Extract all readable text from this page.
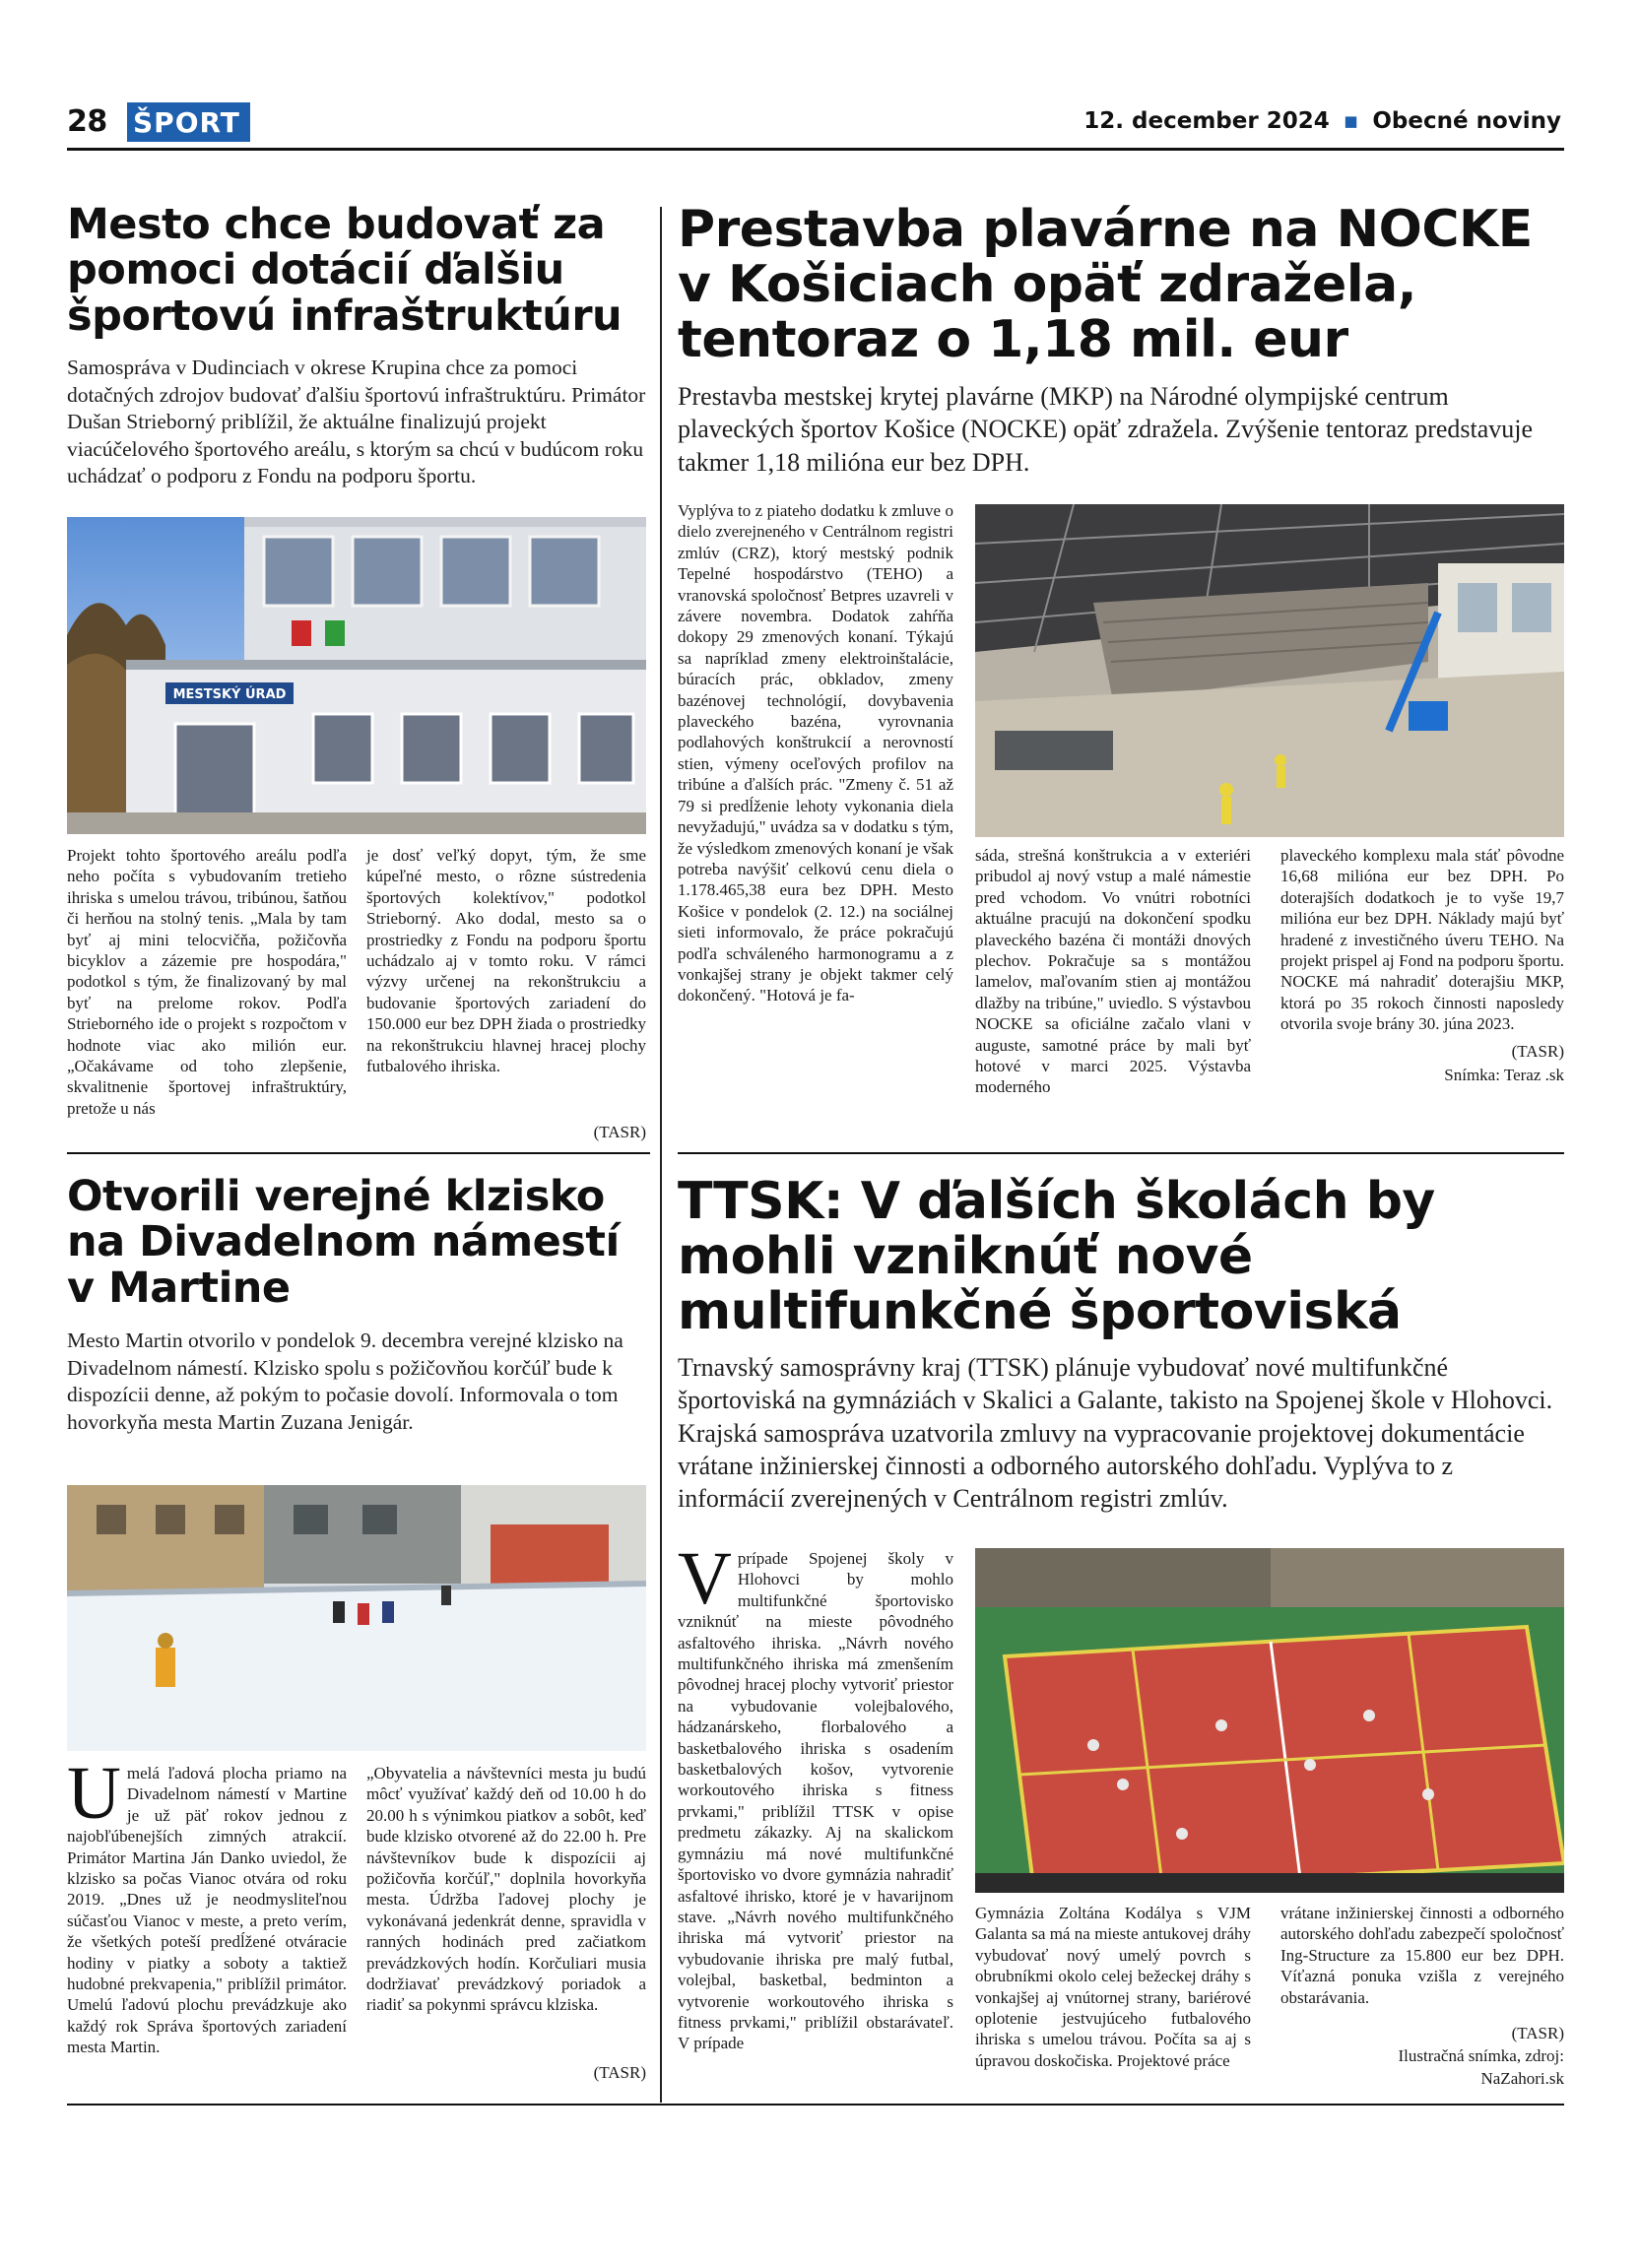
28 ŠPORT	12. december 2024 ▪ Obecné noviny
Mesto chce budovať za pomoci dotácií ďalšiu športovú infraštruktúru
Samospráva v Dudinciach v okrese Krupina chce za pomoci dotačných zdrojov budovať ďalšiu športovú infraštruktúru. Primátor Dušan Strieborný priblížil, že aktuálne finalizujú projekt viacúčelového športového areálu, s ktorým sa chcú v budúcom roku uchádzať o podporu z Fondu na podporu športu.
MESTSKÝ ÚRAD
Projekt tohto športového areálu podľa neho počíta s vybudovaním tretieho ihriska s umelou trávou, tribúnou, šatňou či herňou na stolný tenis. „Mala by tam byť aj mini telocvičňa, požičovňa bicyklov a zázemie pre hospodára," podotkol s tým, že finalizovaný by mal byť na prelome rokov. Podľa Strieborného ide o projekt s rozpočtom v hodnote viac ako milión eur. „Očakávame od toho zlepšenie, skvalitnenie športovej infraštruktúry, pretože u nás
je dosť veľký dopyt, tým, že sme kúpeľné mesto, o rôzne sústredenia športových kolektívov," podotkol Strieborný. Ako dodal, mesto sa o prostriedky z Fondu na podporu športu uchádzalo aj v tomto roku. V rámci výzvy určenej na rekonštrukciu a budovanie športových zariadení do 150.000 eur bez DPH žiada o prostriedky na rekonštrukciu hlavnej hracej plochy futbalového ihriska.
(TASR)
Prestavba plavárne na NOCKE v Košiciach opäť zdražela, tentoraz o 1,18 mil. eur
Prestavba mestskej krytej plavárne (MKP) na Národné olympijské centrum plaveckých športov Košice (NOCKE) opäť zdražela. Zvýšenie tentoraz predstavuje takmer 1,18 milióna eur bez DPH.
Vyplýva to z piateho dodatku k zmluve o dielo zverejneného v Centrálnom registri zmlúv (CRZ), ktorý mestský podnik Tepelné hospodárstvo (TEHO) a vranovská spoločnosť Betpres uzavreli v závere novembra. Dodatok zahŕňa dokopy 29 zmenových konaní. Týkajú sa napríklad zmeny elektroinštalácie, búracích prác, obkladov, zmeny bazénovej technológií, dovybavenia plaveckého bazéna, vyrovnania podlahových konštrukcií a nerovností stien, výmeny oceľových profilov na tribúne a ďalších prác. "Zmeny č. 51 až 79 si predĺženie lehoty vykonania diela nevyžadujú," uvádza sa v dodatku s tým, že výsledkom zmenových konaní je však potreba navýšiť celkovú cenu diela o 1.178.465,38 eura bez DPH. Mesto Košice v pondelok (2. 12.) na sociálnej sieti informovalo, že práce pokračujú podľa schváleného harmonogramu a z vonkajšej strany je objekt takmer celý dokončený. "Hotová je fa-
sáda, strešná konštrukcia a v exteriéri pribudol aj nový vstup a malé námestie pred vchodom. Vo vnútri robotníci aktuálne pracujú na dokončení spodku plaveckého bazéna či montáži dnových plechov. Pokračuje sa s montážou lamelov, maľovaním stien aj montážou dlažby na tribúne," uviedlo. S výstavbou NOCKE sa oficiálne začalo vlani v auguste, samotné práce by mali byť hotové v marci 2025. Výstavba moderného
plaveckého komplexu mala stáť pôvodne 16,68 milióna eur bez DPH. Po doterajších dodatkoch je to vyše 19,7 milióna eur bez DPH. Náklady majú byť hradené z investičného úveru TEHO. Na projekt prispel aj Fond na podporu športu. NOCKE má nahradiť doterajšiu MKP, ktorá po 35 rokoch činnosti naposledy otvorila svoje brány 30. júna 2023.
(TASR)
Snímka: Teraz .sk
Otvorili verejné klzisko na Divadelnom námestí v Martine
Mesto Martin otvorilo v pondelok 9. decembra verejné klzisko na Divadelnom námestí. Klzisko spolu s požičovňou korčúľ bude k dispozícii denne, až pokým to počasie dovolí. Informovala o tom hovorkyňa mesta Martin Zuzana Jenigár.
U melá ľadová plocha priamo na Divadelnom námestí v Martine je už päť rokov jednou z najobľúbenejších zimných atrakcií. Primátor Martina Ján Danko uviedol, že klzisko sa počas Vianoc otvára od roku 2019. „Dnes už je neodmysliteľnou súčasťou Vianoc v meste, a preto verím, že všetkých poteší predĺžené otváracie hodiny v piatky a soboty a taktiež hudobné prekvapenia," priblížil primátor. Umelú ľadovú plochu prevádzkuje ako každý rok Správa športových zariadení mesta Martin.
„Obyvatelia a návštevníci mesta ju budú môcť využívať každý deň od 10.00 h do 20.00 h s výnimkou piatkov a sobôt, keď bude klzisko otvorené až do 22.00 h. Pre návštevníkov bude k dispozícii aj požičovňa korčúľ," doplnila hovorkyňa mesta. Údržba ľadovej plochy je vykonávaná jedenkrát denne, spravidla v ranných hodinách pred začiatkom prevádzkových hodín. Korčuliari musia dodržiavať prevádzkový poriadok a riadiť sa pokynmi správcu klziska.
(TASR)
TTSK: V ďalších školách by mohli vzniknúť nové multifunkčné športoviská
Trnavský samosprávny kraj (TTSK) plánuje vybudovať nové multifunkčné športoviská na gymnáziách v Skalici a Galante, takisto na Spojenej škole v Hlohovci. Krajská samospráva uzatvorila zmluvy na vypracovanie projektovej dokumentácie vrátane inžinierskej činnosti a odborného autorského dohľadu. Vyplýva to z informácií zverejnených v Centrálnom registri zmlúv.
V prípade Spojenej školy v Hlohovci by mohlo multifunkčné športovisko vzniknúť na mieste pôvodného asfaltového ihriska. „Návrh nového multifunkčného ihriska má zmenšením pôvodnej hracej plochy vytvoriť priestor na vybudovanie volejbalového, hádzanárskeho, florbalového a basketbalového ihriska s osadením basketbalových košov, vytvorenie workoutového ihriska s fitness prvkami," priblížil TTSK v opise predmetu zákazky. Aj na skalickom gymnáziu má nové multifunkčné športovisko vo dvore gymnázia nahradiť asfaltové ihrisko, ktoré je v havarijnom stave. „Návrh nového multifunkčného ihriska má vytvoriť priestor na vybudovanie ihriska pre malý futbal, volejbal, basketbal, bedminton a vytvorenie workoutového ihriska s fitness prvkami," priblížil obstarávateľ. V prípade
Gymnázia Zoltána Kodálya s VJM Galanta sa má na mieste antukovej dráhy vybudovať nový umelý povrch s obrubníkmi okolo celej bežeckej dráhy s vonkajšej aj vnútornej strany, bariérové oplotenie jestvujúceho futbalového ihriska s umelou trávou. Počíta sa aj s úpravou doskočiska. Projektové práce
vrátane inžinierskej činnosti a odborného autorského dohľadu zabezpečí spoločnosť Ing-Structure za 15.800 eur bez DPH. Víťazná ponuka vzišla z verejného obstarávania.
(TASR)
Ilustračná snímka, zdroj:
NaZahori.sk
